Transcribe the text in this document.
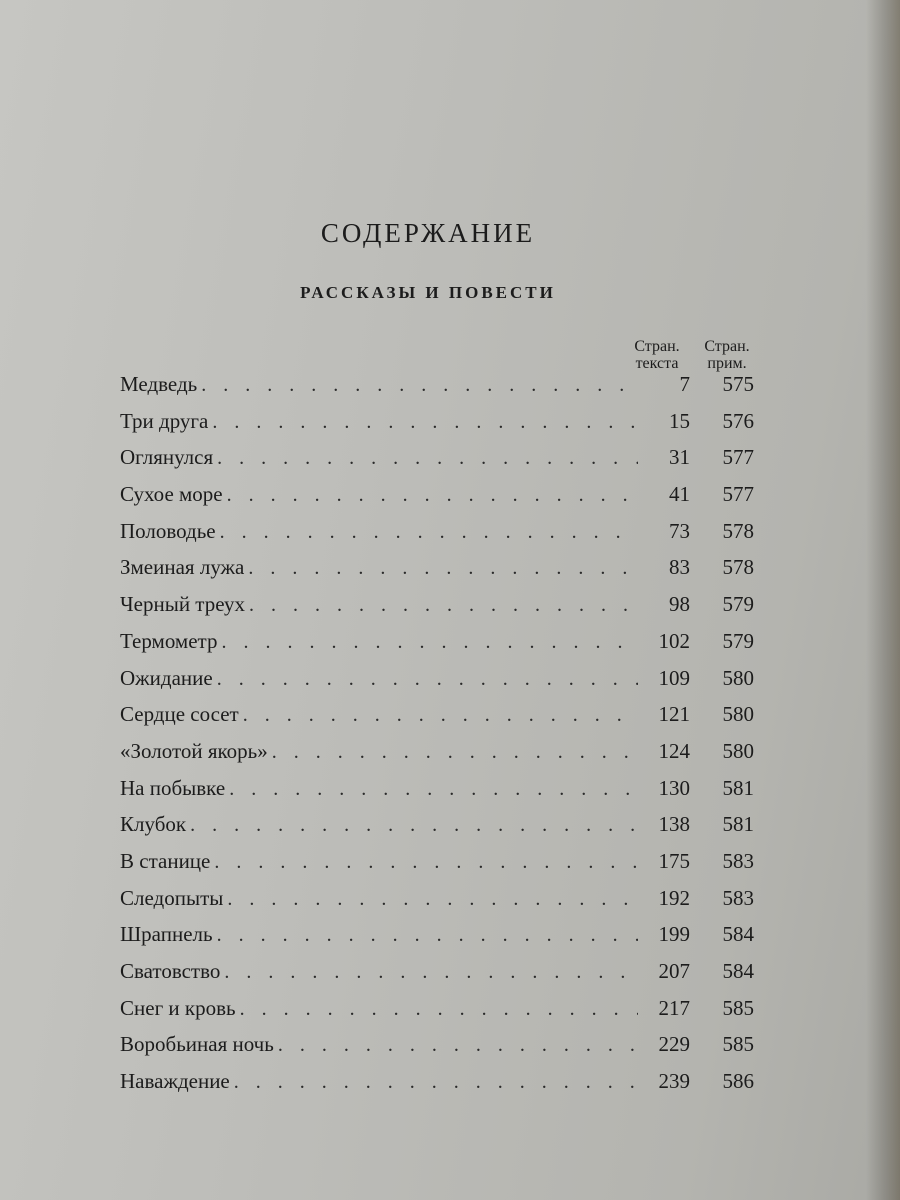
СОДЕРЖАНИЕ
РАССКАЗЫ И ПОВЕСТИ
Стран.
текста
Стран.
прим.
Медведь . . .	7	575
Три друга . . .	15	576
Оглянулся . . .	31	577
Сухое море . . .	41	577
Половодье . . .	73	578
Змеиная лужа . . .	83	578
Черный треух . . .	98	579
Термометр . . .	102	579
Ожидание . . .	109	580
Сердце сосет . . .	121	580
«Золотой якорь» . . .	124	580
На побывке . . .	130	581
Клубок . . .	138	581
В станице . . .	175	583
Следопыты . . .	192	583
Шрапнель . . .	199	584
Сватовство . . .	207	584
Снег и кровь . . .	217	585
Воробьиная ночь . . .	229	585
Наваждение . . .	239	586
